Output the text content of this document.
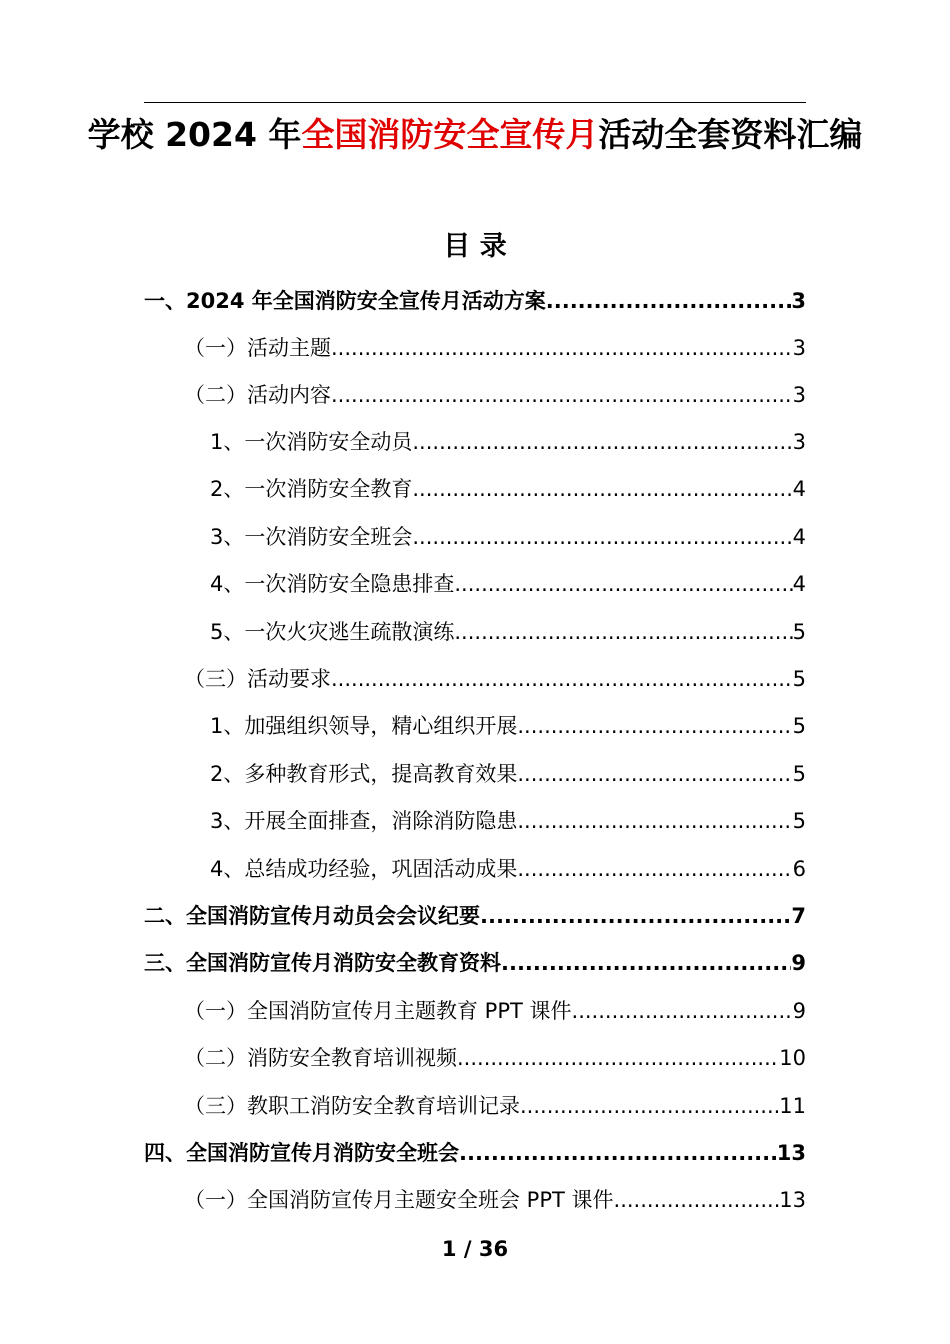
学校 2024 年全国消防安全宣传月活动全套资料汇编
目 录
一、2024 年全国消防安全宣传月活动方案 .....	3
（一）活动主题 .....	3
（二）活动内容 .....	3
1、一次消防安全动员 .....	3
2、一次消防安全教育 .....	4
3、一次消防安全班会 .....	4
4、一次消防安全隐患排查 .....	4
5、一次火灾逃生疏散演练 .....	5
（三）活动要求 .....	5
1、加强组织领导，精心组织开展 .....	5
2、多种教育形式，提高教育效果 .....	5
3、开展全面排查，消除消防隐患 .....	5
4、总结成功经验，巩固活动成果 .....	6
二、全国消防宣传月动员会会议纪要 .....	7
三、全国消防宣传月消防安全教育资料 .....	9
（一）全国消防宣传月主题教育 PPT 课件 .....	9
（二）消防安全教育培训视频 .....	10
（三）教职工消防安全教育培训记录 .....	11
四、全国消防宣传月消防安全班会 .....	13
（一）全国消防宣传月主题安全班会 PPT 课件 .....	13
1 / 36
